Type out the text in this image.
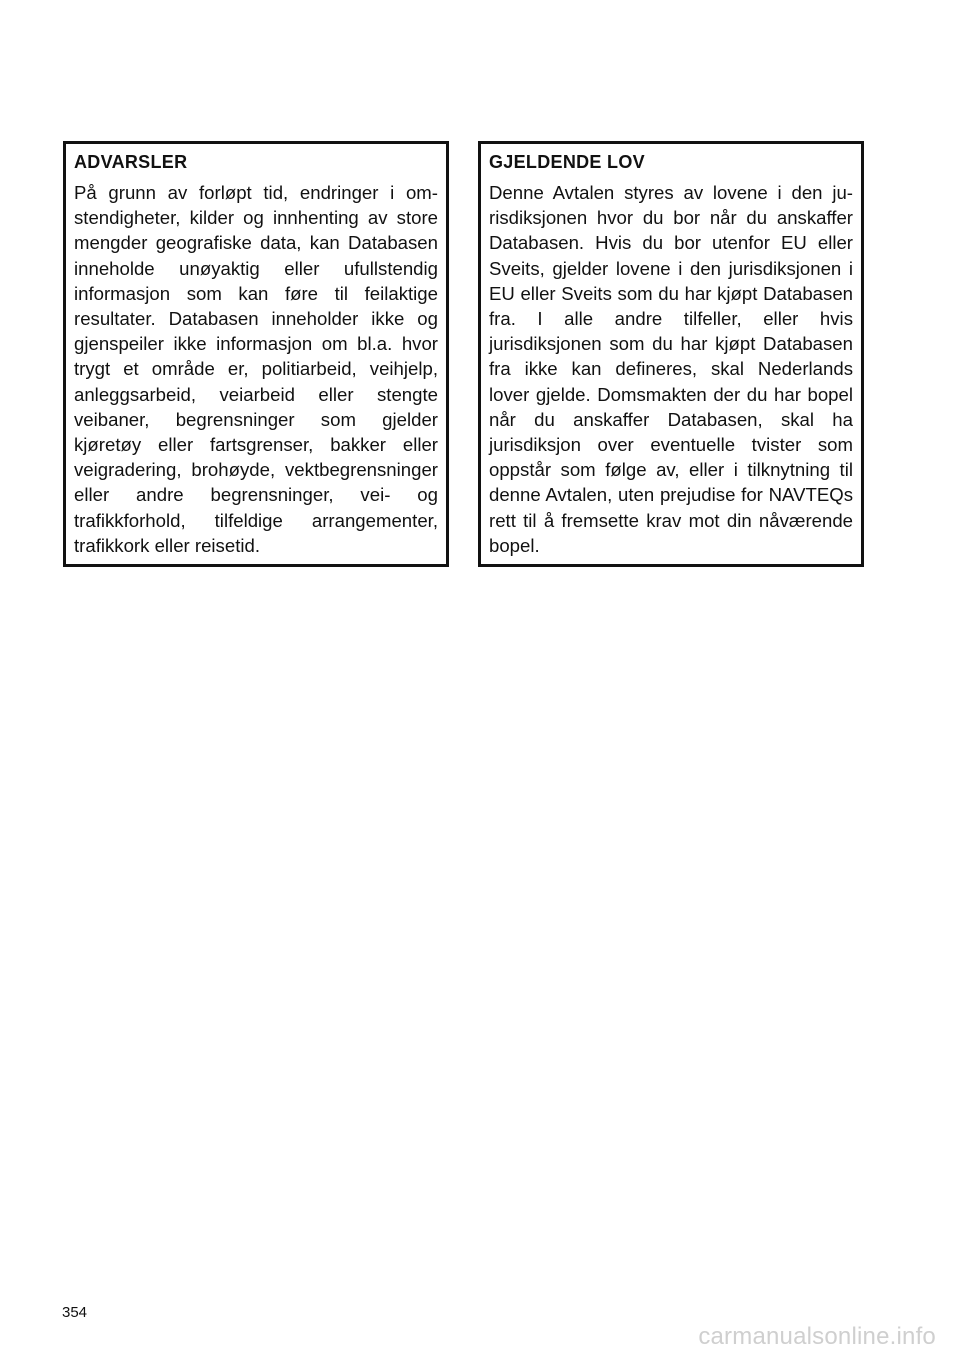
ADVARSLER

På grunn av forløpt tid, endringer i omstendigheter, kilder og innhenting av store mengder geografiske data, kan Databasen inneholde unøyaktig eller ufullstendig informasjon som kan føre til feilaktige resultater. Databasen inneholder ikke og gjenspeiler ikke informasjon om bl.a. hvor trygt et område er, politiarbeid, veihjelp, anleggsarbeid, veiarbeid eller stengte veibaner, begrensninger som gjelder kjøretøy eller fartsgrenser, bakker eller veigradering, brohøyde, vektbegrensninger eller andre begrensninger, vei- og trafikkforhold, tilfeldige arrangementer, trafikkork eller reisetid.

GJELDENDE LOV

Denne Avtalen styres av lovene i den jurisdiksjonen hvor du bor når du anskaffer Databasen. Hvis du bor utenfor EU eller Sveits, gjelder lovene i den jurisdiksjonen i EU eller Sveits som du har kjøpt Databasen fra. I alle andre tilfeller, eller hvis jurisdiksjonen som du har kjøpt Databasen fra ikke kan defineres, skal Nederlands lover gjelde. Domsmakten der du har bopel når du anskaffer Databasen, skal ha jurisdiksjon over eventuelle tvister som oppstår som følge av, eller i tilknytning til denne Avtalen, uten prejudise for NAVTEQs rett til å fremsette krav mot din nåværende bopel.

354
carmanualsonline.info
